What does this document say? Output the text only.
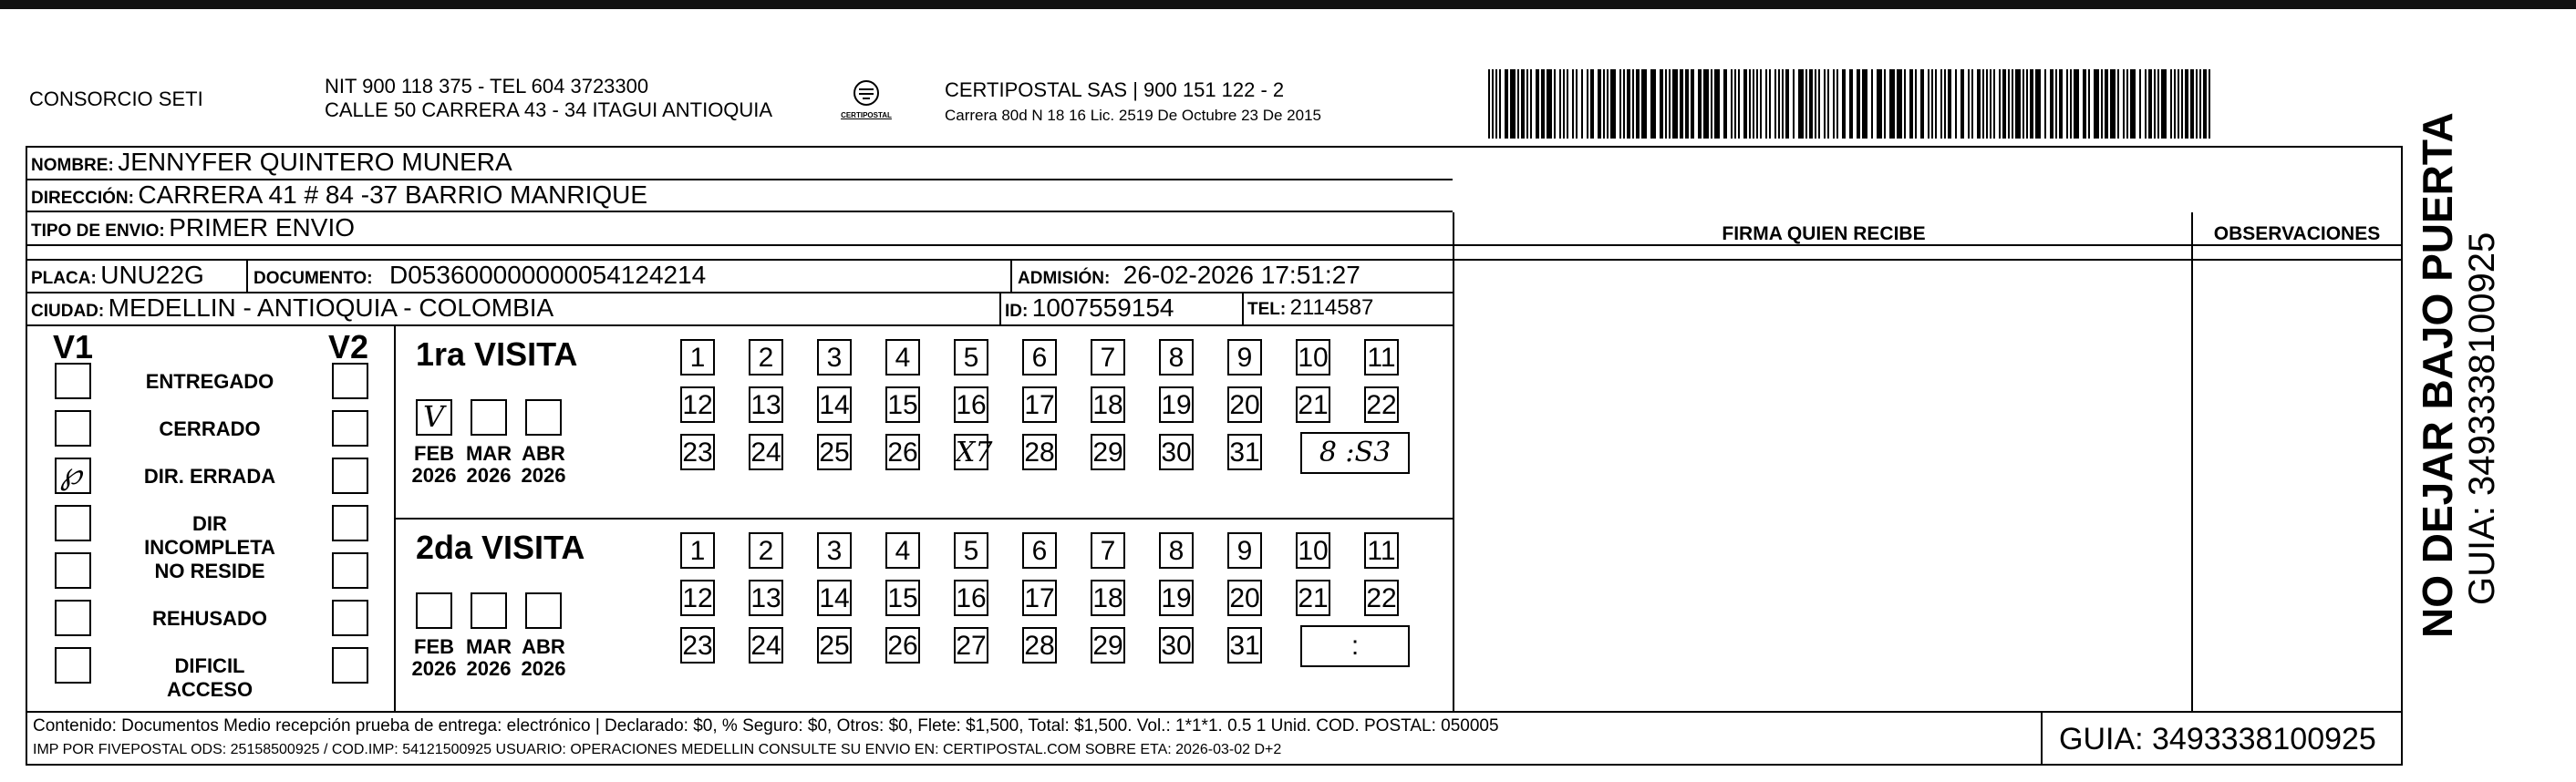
CONSORCIO SETI
NIT 900 118 375 - TEL 604 3723300
CALLE 50 CARRERA 43 - 34 ITAGUI ANTIOQUIA	CERTIPOSTAL
CERTIPOSTAL SAS | 900 151 122 - 2
Carrera 80d N 18 16 Lic. 2519 De Octubre 23 De 2015
NOMBRE: JENNYFER QUINTERO MUNERA
DIRECCIÓN: CARRERA 41 # 84 -37 BARRIO MANRIQUE
TIPO DE ENVIO: PRIMER ENVIO	FIRMA QUIEN RECIBE	OBSERVACIONES
PLACA: UNU22G	DOCUMENTO: D053600000000054124214	ADMISIÓN: 26-02-2026 17:51:27
CIUDAD: MEDELLIN - ANTIOQUIA - COLOMBIA	ID: 1007559154	TEL: 2114587
V1	V2
ENTREGADO
CERRADO
℘	DIR. ERRADA
DIR INCOMPLETA
NO RESIDE
REHUSADO
DIFICIL ACCESO
1ra VISITA
V
FEB
2026
MAR
2026
ABR
2026
1	2	3	4	5	6	7	8	9	10 11
12 13 14 15 16 17 18 19 20 21 22
23 24 25 26 X7 28 29 30 31	8 :S3
2da VISITA
FEB
2026
MAR
2026
ABR
2026
1	2	3	4	5	6	7	8	9	10 11
12 13 14 15 16 17 18 19 20 21 22
23 24 25 26 27 28 29 30 31	:
Contenido: Documentos Medio recepción prueba de entrega: electrónico | Declarado: $0, % Seguro: $0, Otros: $0, Flete: $1,500, Total: $1,500. Vol.: 1*1*1. 0.5 1 Unid. COD. POSTAL: 050005
IMP POR FIVEPOSTAL ODS: 25158500925 / COD.IMP: 54121500925 USUARIO: OPERACIONES MEDELLIN CONSULTE SU ENVIO EN: CERTIPOSTAL.COM SOBRE ETA: 2026-03-02 D+2	GUIA: 3493338100925
NO DEJAR BAJO PUERTA GUIA: 3493338100925
